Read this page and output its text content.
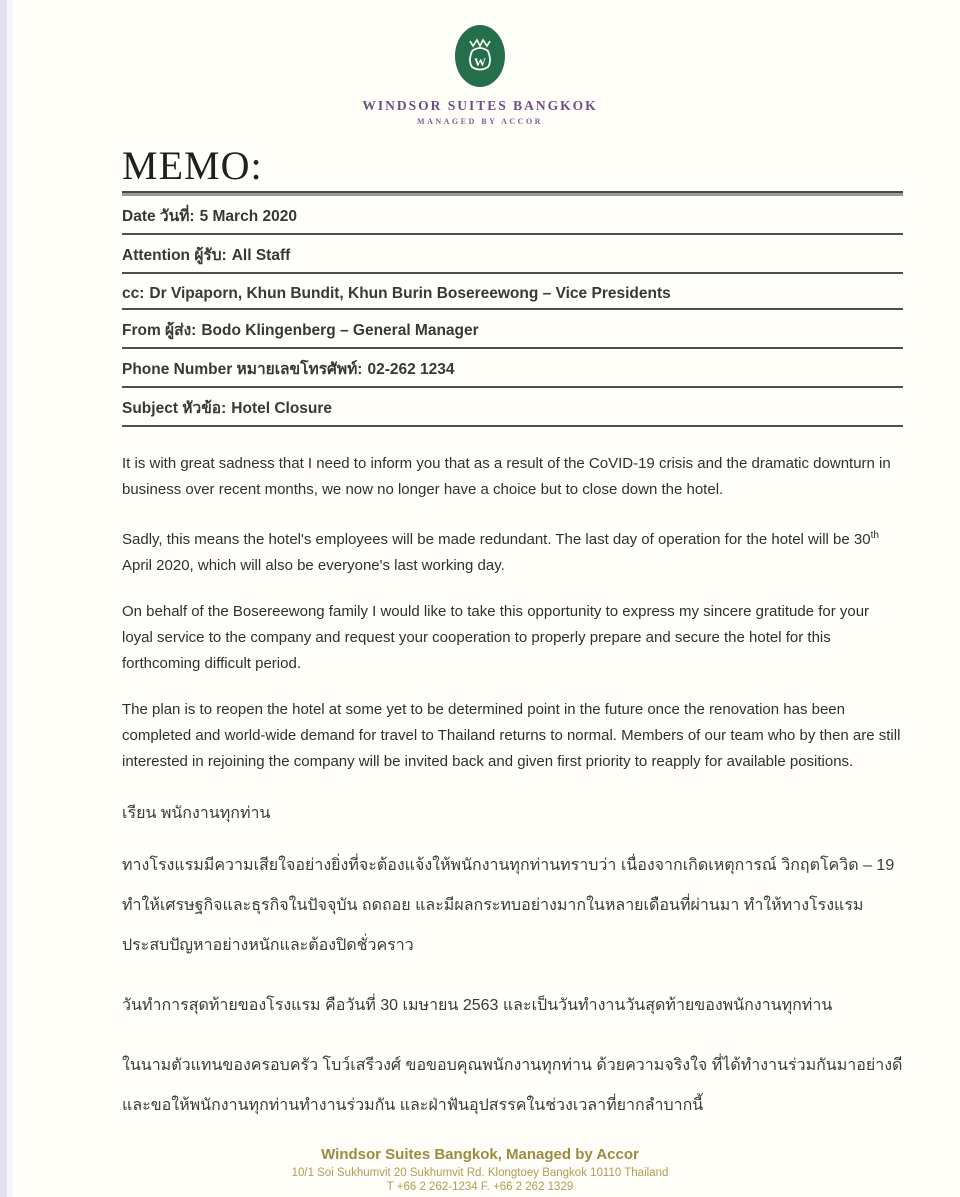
W
WINDSOR SUITES BANGKOK
MANAGED BY ACCOR
MEMO:
Date วันที่: 5 March 2020
Attention ผู้รับ: All Staff
cc: Dr Vipaporn, Khun Bundit, Khun Burin Bosereewong – Vice Presidents
From ผู้ส่ง: Bodo Klingenberg – General Manager
Phone Number หมายเลขโทรศัพท์: 02-262 1234
Subject หัวข้อ: Hotel Closure

It is with great sadness that I need to inform you that as a result of the CoVID-19 crisis and the dramatic downturn in business over recent months, we now no longer have a choice but to close down the hotel.

Sadly, this means the hotel's employees will be made redundant. The last day of operation for the hotel will be 30th April 2020, which will also be everyone's last working day.

On behalf of the Bosereewong family I would like to take this opportunity to express my sincere gratitude for your loyal service to the company and request your cooperation to properly prepare and secure the hotel for this forthcoming difficult period.

The plan is to reopen the hotel at some yet to be determined point in the future once the renovation has been completed and world-wide demand for travel to Thailand returns to normal. Members of our team who by then are still interested in rejoining the company will be invited back and given first priority to reapply for available positions.

เรียน พนักงานทุกท่าน

ทางโรงแรมมีความเสียใจอย่างยิ่งที่จะต้องแจ้งให้พนักงานทุกท่านทราบว่า เนื่องจากเกิดเหตุการณ์ วิกฤตโควิด – 19 ทำให้เศรษฐกิจและธุรกิจในปัจจุบัน ถดถอย และมีผลกระทบอย่างมากในหลายเดือนที่ผ่านมา ทำให้ทางโรงแรมประสบปัญหาอย่างหนักและต้องปิดชั่วคราว

วันทำการสุดท้ายของโรงแรม คือวันที่ 30 เมษายน 2563 และเป็นวันทำงานวันสุดท้ายของพนักงานทุกท่าน

ในนามตัวแทนของครอบครัว โบว์เสรีวงศ์ ขอขอบคุณพนักงานทุกท่าน ด้วยความจริงใจ ที่ได้ทำงานร่วมกันมาอย่างดี และขอให้พนักงานทุกท่านทำงานร่วมกัน และฝ่าฟันอุปสรรคในช่วงเวลาที่ยากลำบากนี้

Windsor Suites Bangkok, Managed by Accor
10/1 Soi Sukhumvit 20 Sukhumvit Rd. Klongtoey Bangkok 10110 Thailand
T +66 2 262-1234 F. +66 2 262 1329
